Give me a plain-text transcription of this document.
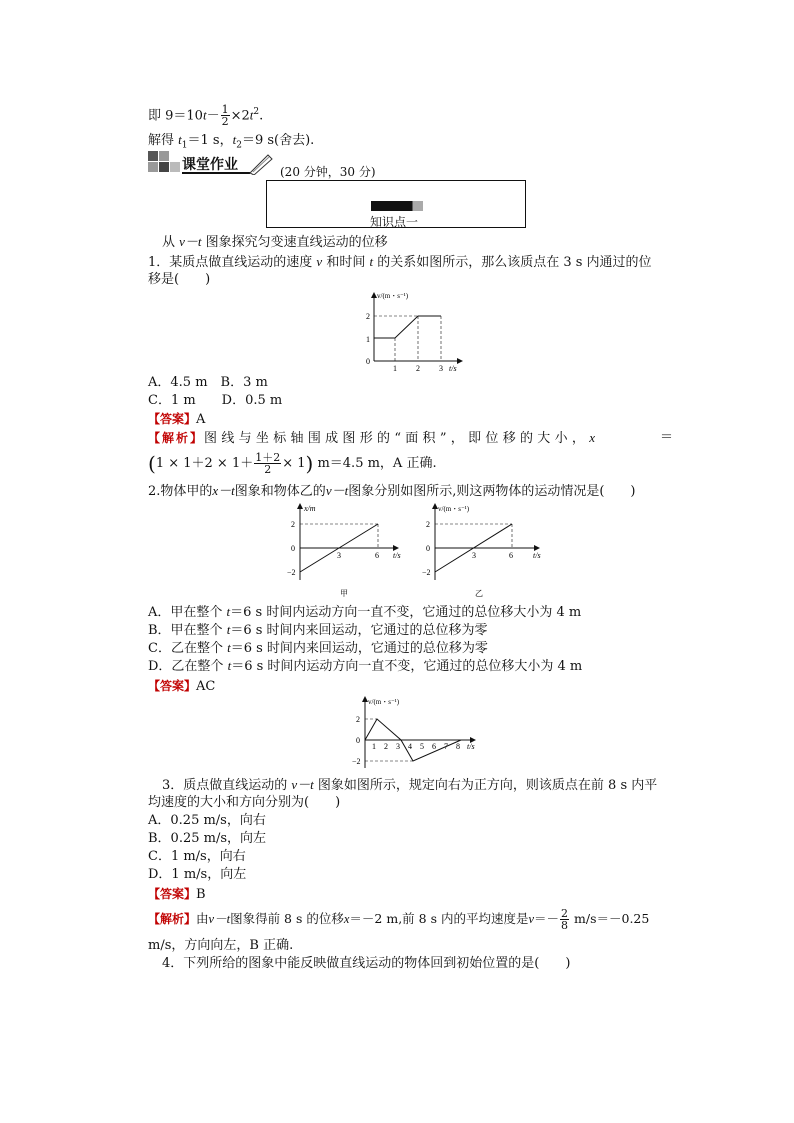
即 $9=10t- \frac{1}{2} \times 2t^2$.
解得 $t_1=1$ s，$t_2=9$ s(舍去).
课堂作业	(20 分钟，30 分)
知识点一
从 v－t 图象探究匀变速直线运动的位移
1．某质点做直线运动的速度 v 和时间 t 的关系如图所示，那么该质点在 3 s 内通过的位
移是(　　)
v/(m・s⁻¹)
0
1
2
1 2 3 t/s
A．4.5 m　B．3 m
C．1 m　　D．0.5 m
【答案】A
【解析】图线与坐标轴围成图形的“面积”，即位移的大小，x	＝
$(1 \times 1+2 \times 1+ \frac{1+2}{2} \times 1)$ m＝4.5 m，A 正确.
2.物体甲的x－t图象和物体乙的v－t图象分别如图所示,则这两物体的运动情况是(　　)
x/m
2
0
−2
3	6 t/s
甲
v/(m・s⁻¹)
2
0
−2
3	6	t/s
乙
A．甲在整个 t＝6 s 时间内运动方向一直不变，它通过的总位移大小为 4 m
B．甲在整个 t＝6 s 时间内来回运动，它通过的总位移为零
C．乙在整个 t＝6 s 时间内来回运动，它通过的总位移为零
D．乙在整个 t＝6 s 时间内运动方向一直不变，它通过的总位移大小为 4 m
【答案】AC
v/(m・s⁻¹)
2
0
−2
1 2 3 4 5 6 7 8 t/s
3．质点做直线运动的 v－t 图象如图所示，规定向右为正方向，则该质点在前 8 s 内平
均速度的大小和方向分别为(　　)
A．0.25 m/s，向右
B．0.25 m/s，向左
C．1 m/s，向右
D．1 m/s，向左
【答案】B
【解析】由v－t图象得前 8 s 的位移x＝－2 m,前 8 s 内的平均速度是$v=- \frac{2}{8} m/s=-0.25$
m/s，方向向左，B 正确.
4．下列所给的图象中能反映做直线运动的物体回到初始位置的是(　　)
